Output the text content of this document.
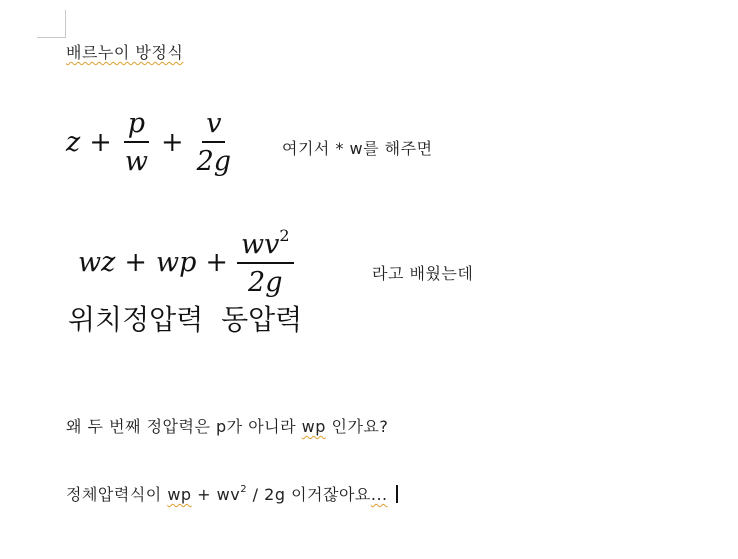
배르누이 방정식
$z + \frac{p}{w} + \frac{v}{2g}$	여기서 * w를 해주면
wz + wp + $\frac{wv^2}{2g}$	라고 배웠는데
위치정압력 동압력
왜 두 번째 정압력은 p가 아니라 wp 인가요?
정체압력식이 wp + $wv^2 / 2g$ 이거잖아요...
